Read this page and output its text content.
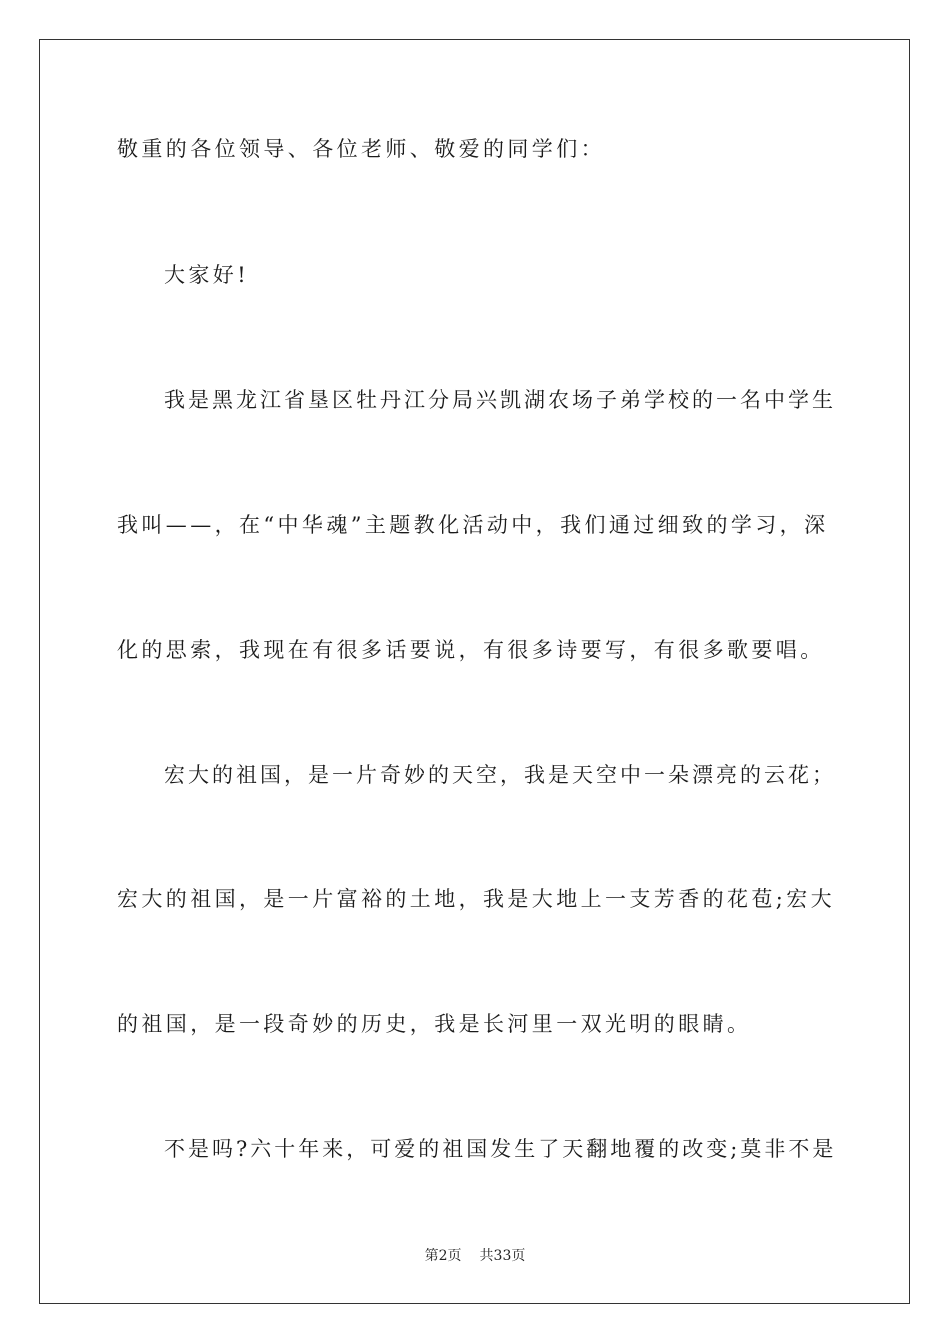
敬重的各位领导、各位老师、敬爱的同学们：

大家好!

我是黑龙江省垦区牡丹江分局兴凯湖农场子弟学校的一名中学生

我叫——，在“中华魂”主题教化活动中，我们通过细致的学习，深

化的思索，我现在有很多话要说，有很多诗要写，有很多歌要唱。

宏大的祖国，是一片奇妙的天空，我是天空中一朵漂亮的云花；

宏大的祖国，是一片富裕的土地，我是大地上一支芳香的花苞;宏大

的祖国，是一段奇妙的历史，我是长河里一双光明的眼睛。

不是吗?六十年来，可爱的祖国发生了天翻地覆的改变;莫非不是

第2页 共33页
